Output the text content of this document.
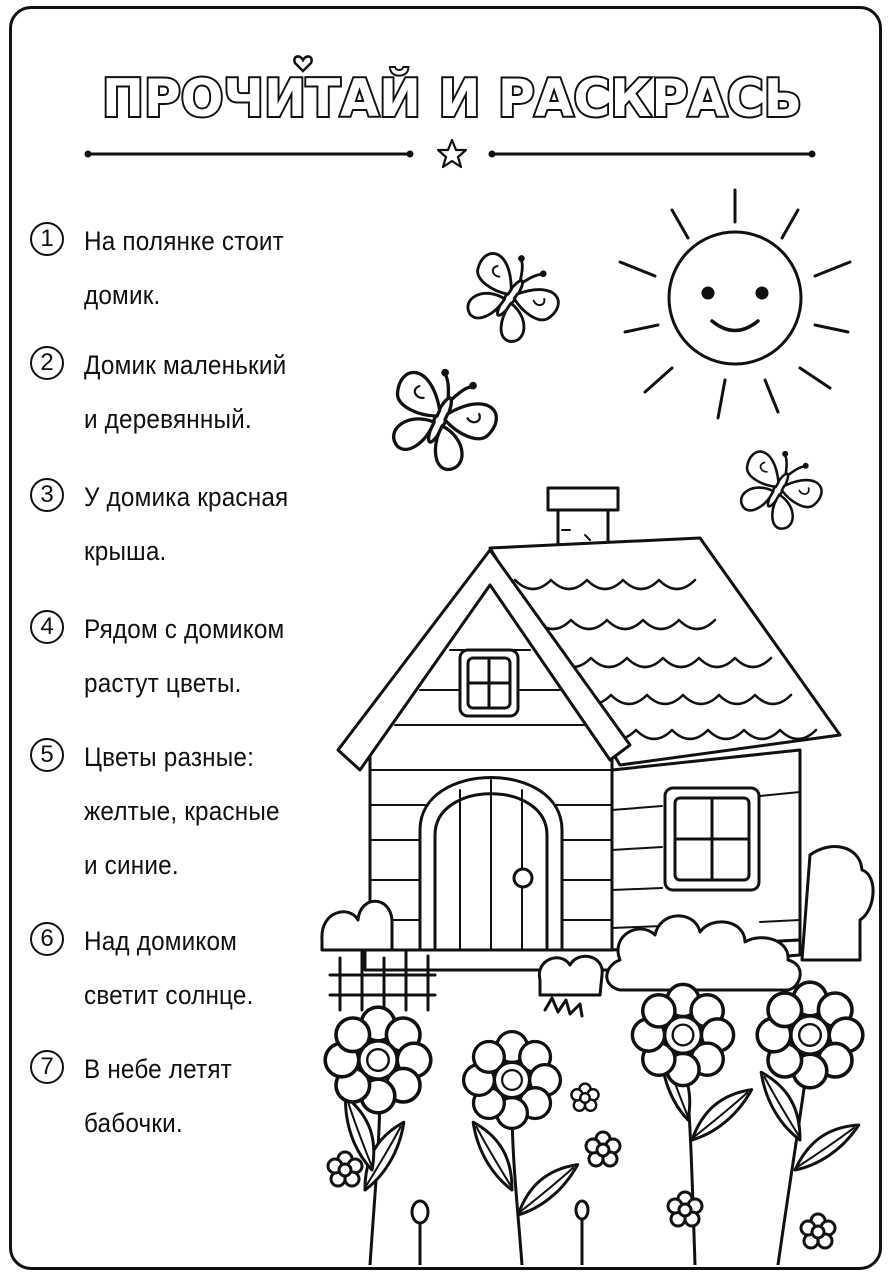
ПРОЧИТАЙ И РАСКРАСЬ
1	На полянке стоит
домик.
2	Домик маленький
и деревянный.
3	У домика красная
крыша.
4	Рядом с домиком
растут цветы.
5	Цветы разные:
желтые, красные
и синие.
6	Над домиком
светит солнце.
7	В небе летят
бабочки.
